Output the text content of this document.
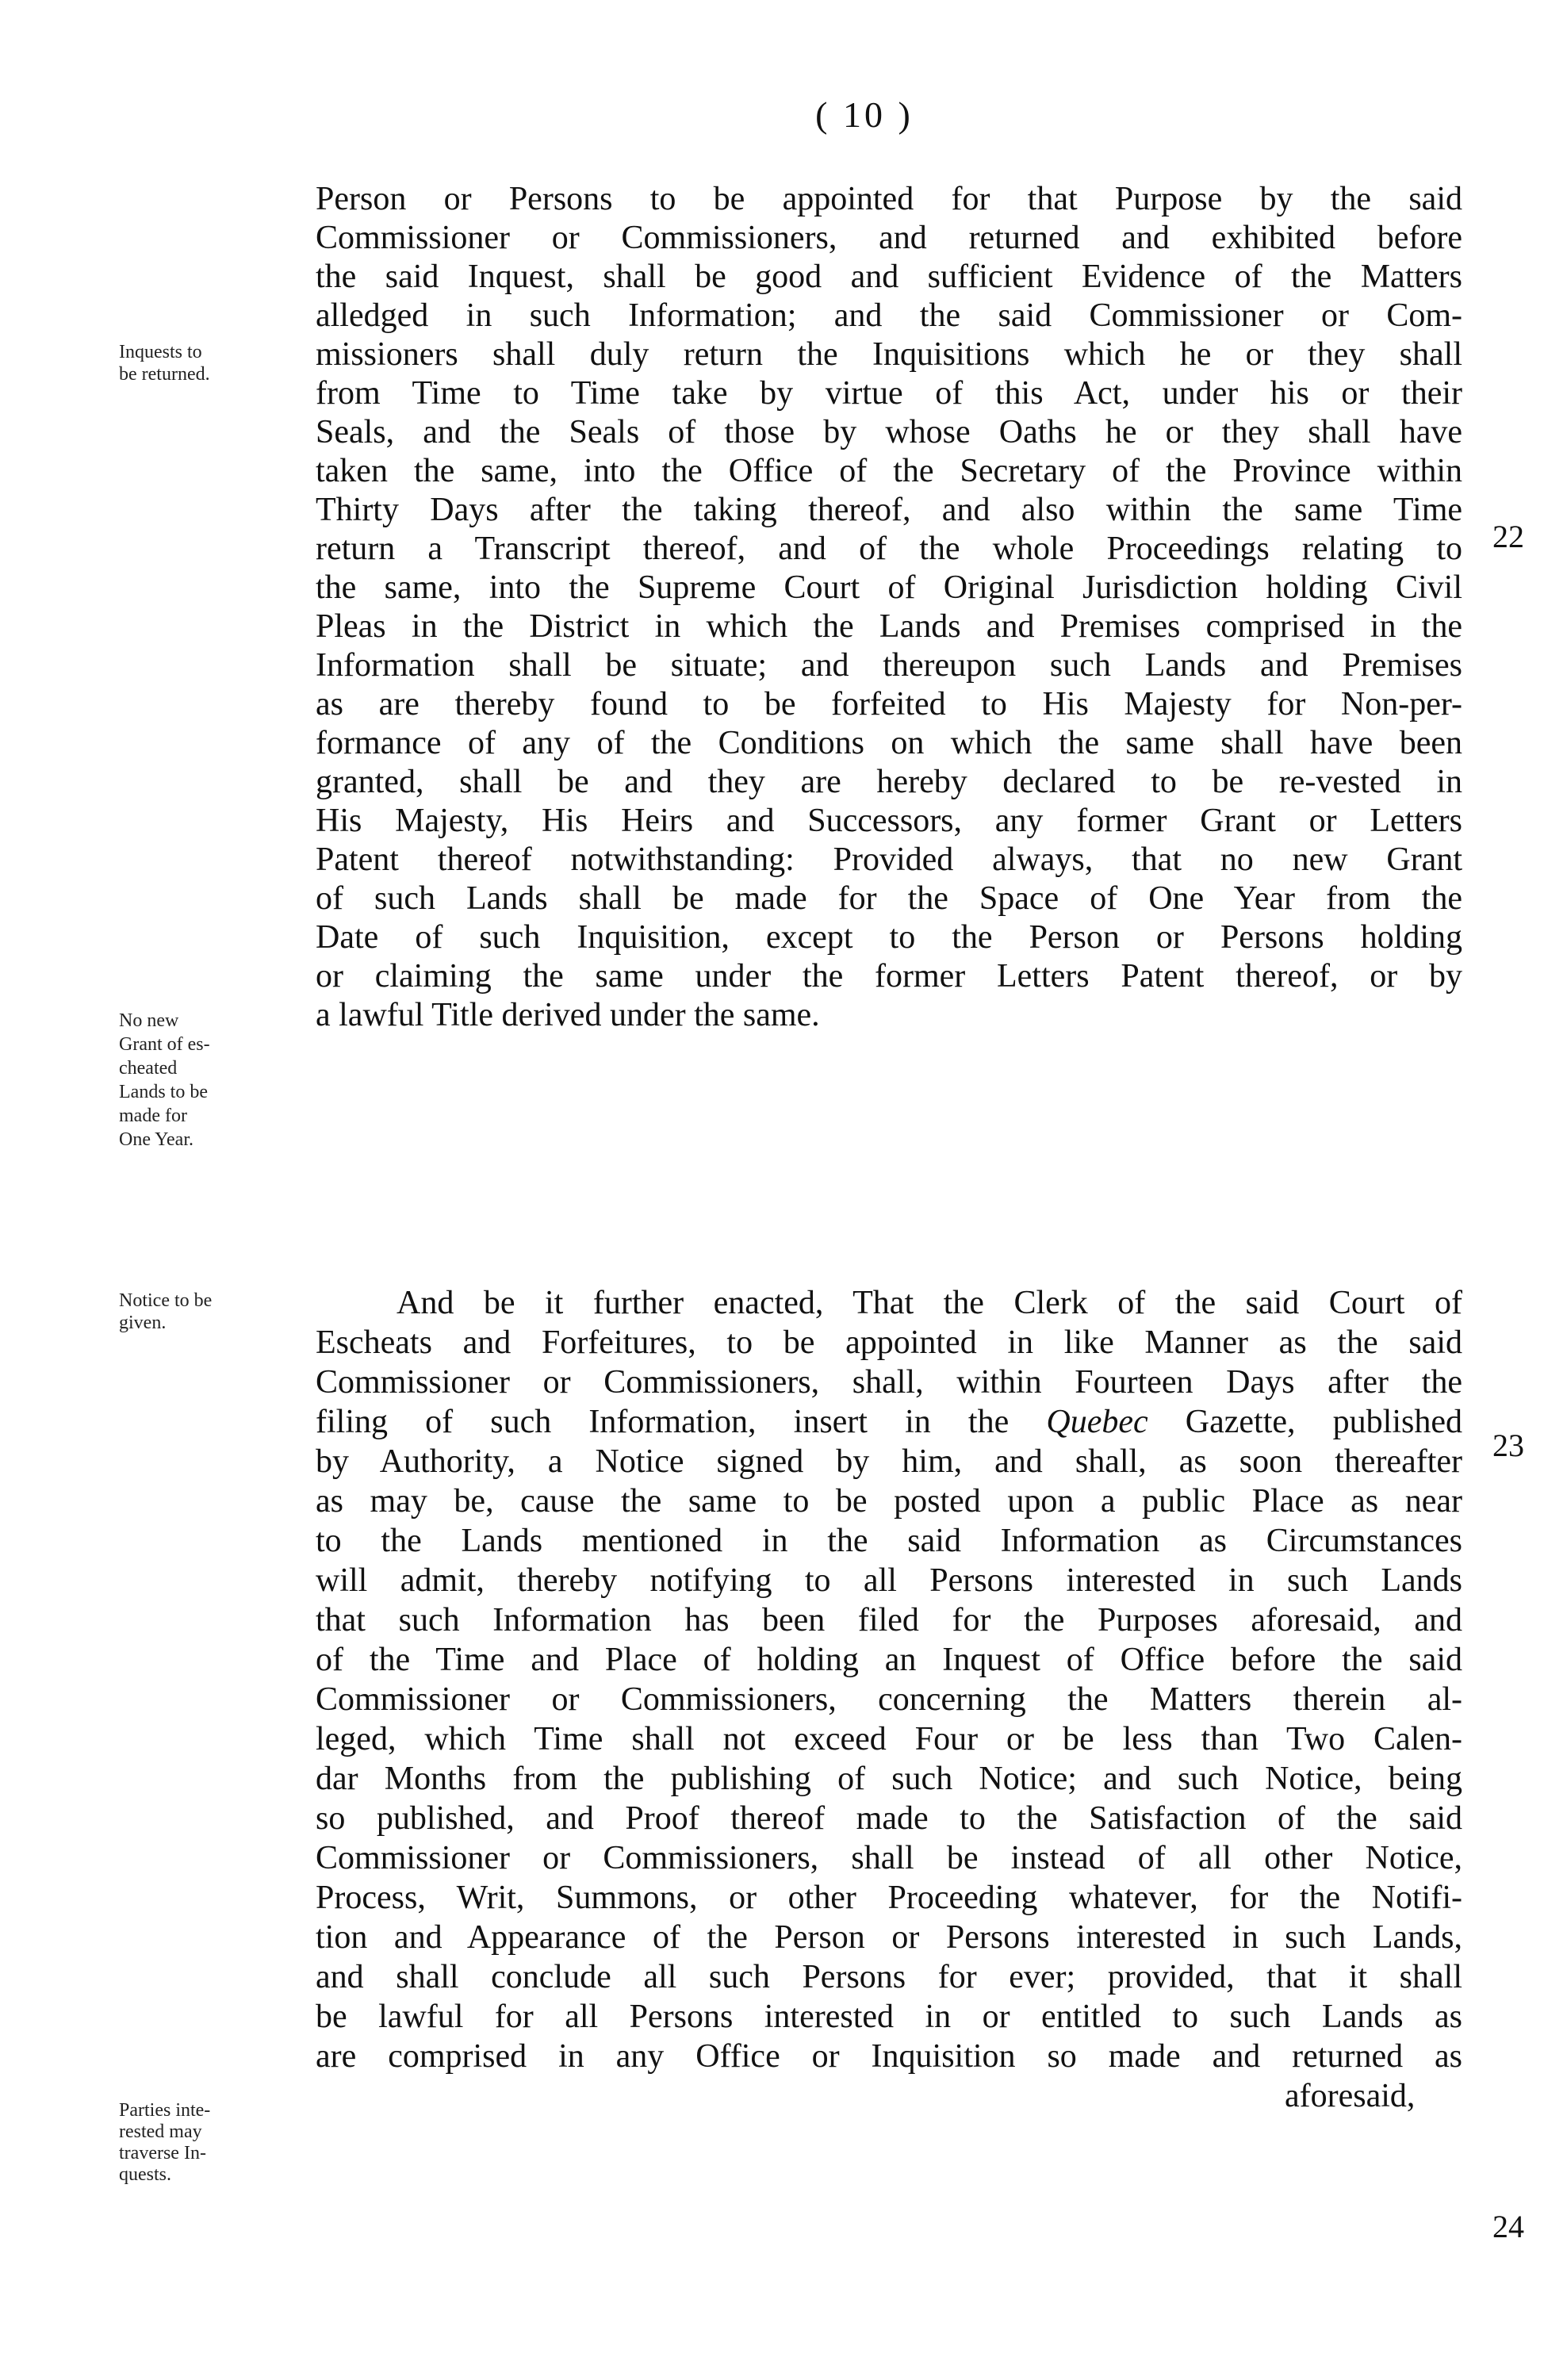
( 10 )
Inquests to
be returned.
No new
Grant of es-
cheated
Lands to be
made for
One Year.
Notice to be
given.
Parties inte-
rested may
traverse In-
quests.
22
23
24
Person or Persons to be appointed for that Purpose by the said
Commissioner or Commissioners, and returned and exhibited before
the said Inquest, shall be good and sufficient Evidence of the Matters
alledged in such Information; and the said Commissioner or Com-
missioners shall duly return the Inquisitions which he or they shall
from Time to Time take by virtue of this Act, under his or their
Seals, and the Seals of those by whose Oaths he or they shall have
taken the same, into the Office of the Secretary of the Province within
Thirty Days after the taking thereof, and also within the same Time
return a Transcript thereof, and of the whole Proceedings relating to
the same, into the Supreme Court of Original Jurisdiction holding Civil
Pleas in the District in which the Lands and Premises comprised in the
Information shall be situate; and thereupon such Lands and Premises
as are thereby found to be forfeited to His Majesty for Non-per-
formance of any of the Conditions on which the same shall have been
granted, shall be and they are hereby declared to be re-vested in
His Majesty, His Heirs and Successors, any former Grant or Letters
Patent thereof notwithstanding: Provided always, that no new Grant
of such Lands shall be made for the Space of One Year from the
Date of such Inquisition, except to the Person or Persons holding
or claiming the same under the former Letters Patent thereof, or by
a lawful Title derived under the same.
And be it further enacted, That the Clerk of the said Court of
Escheats and Forfeitures, to be appointed in like Manner as the said
Commissioner or Commissioners, shall, within Fourteen Days after the
filing of such Information, insert in the Quebec Gazette, published
by Authority, a Notice signed by him, and shall, as soon thereafter
as may be, cause the same to be posted upon a public Place as near
to the Lands mentioned in the said Information as Circumstances
will admit, thereby notifying to all Persons interested in such Lands
that such Information has been filed for the Purposes aforesaid, and
of the Time and Place of holding an Inquest of Office before the said
Commissioner or Commissioners, concerning the Matters therein al-
leged, which Time shall not exceed Four or be less than Two Calen-
dar Months from the publishing of such Notice; and such Notice, being
so published, and Proof thereof made to the Satisfaction of the said
Commissioner or Commissioners, shall be instead of all other Notice,
Process, Writ, Summons, or other Proceeding whatever, for the Notifi-
tion and Appearance of the Person or Persons interested in such Lands,
and shall conclude all such Persons for ever; provided, that it shall
be lawful for all Persons interested in or entitled to such Lands as
are comprised in any Office or Inquisition so made and returned as
aforesaid,
